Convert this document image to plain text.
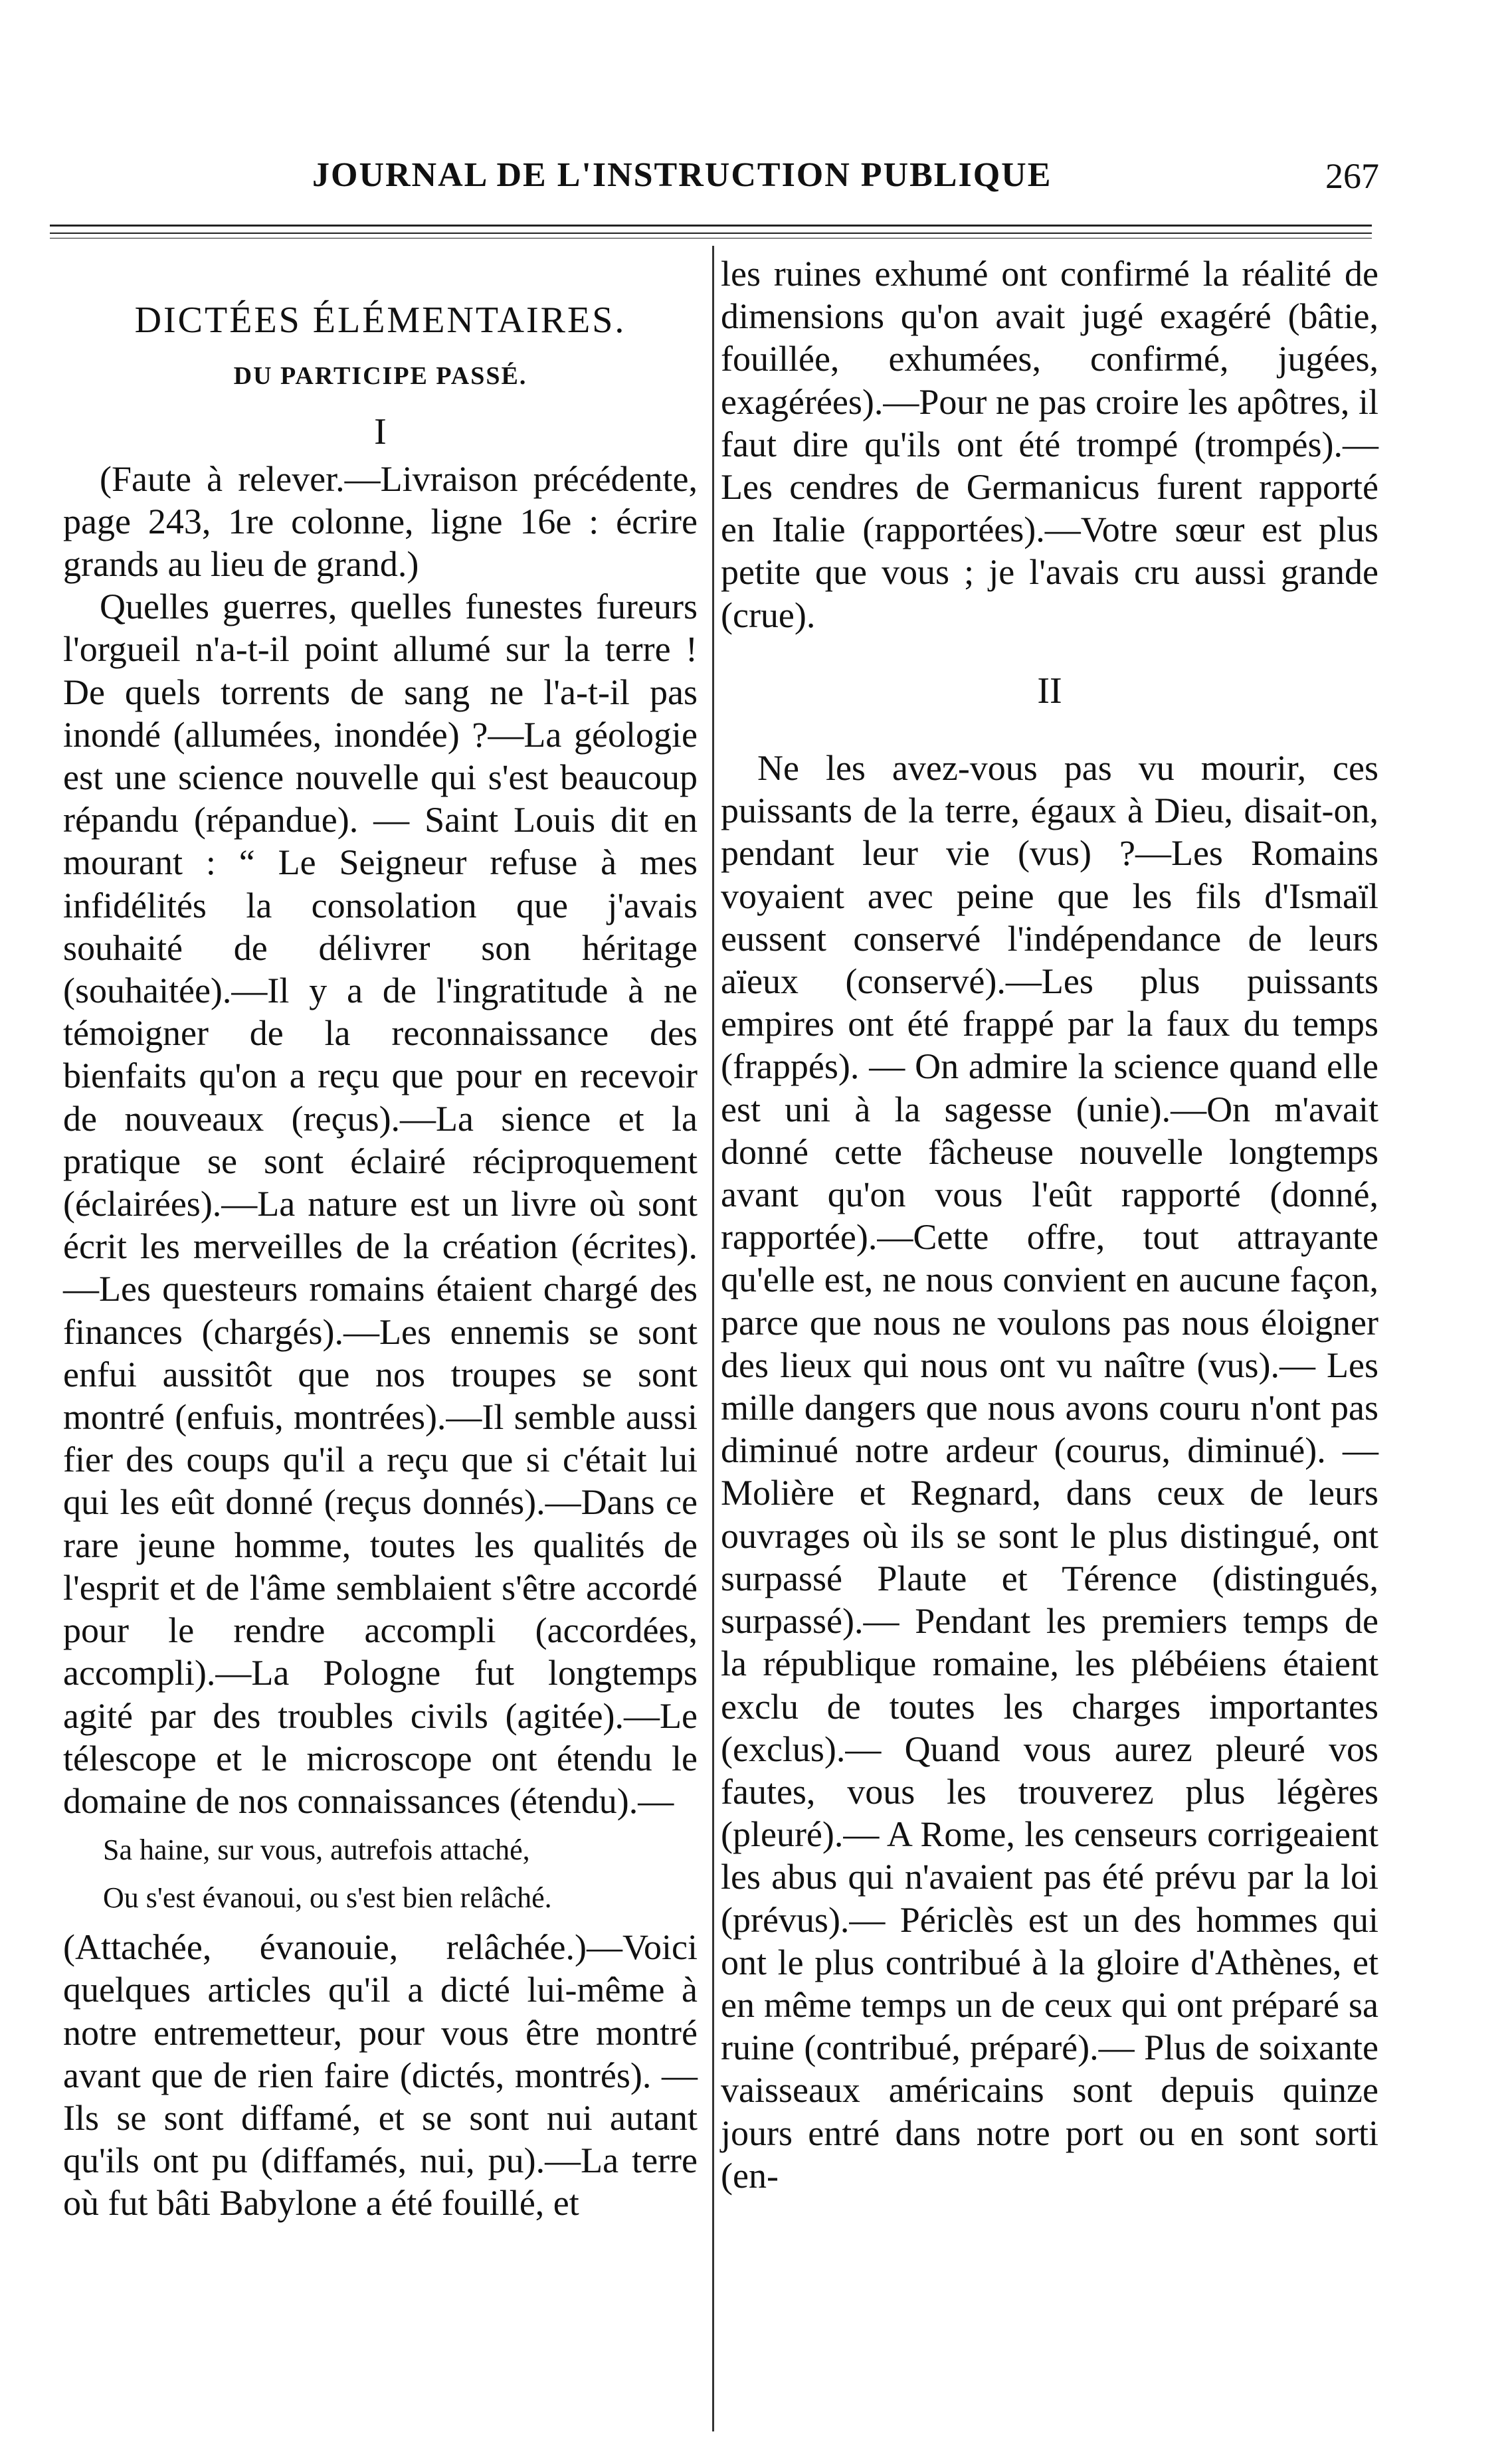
JOURNAL DE L'INSTRUCTION PUBLIQUE	267

DICTÉES ÉLÉMENTAIRES.

DU PARTICIPE PASSÉ.

I

(Faute à relever.—Livraison précédente, page 243, 1re colonne, ligne 16e : écrire grands au lieu de grand.)

Quelles guerres, quelles funestes fureurs l'orgueil n'a-t-il point allumé sur la terre ! De quels torrents de sang ne l'a-t-il pas inondé (allumées, inondée) ?—La géologie est une science nouvelle qui s'est beaucoup répandu (répandue). — Saint Louis dit en mourant : “ Le Seigneur refuse à mes infidélités la consolation que j'avais souhaité de délivrer son héritage (souhaitée).—Il y a de l'ingratitude à ne témoigner de la reconnaissance des bienfaits qu'on a reçu que pour en recevoir de nouveaux (reçus).—La sience et la pratique se sont éclairé réciproquement (éclairées).—La nature est un livre où sont écrit les merveilles de la création (écrites).—Les questeurs romains étaient chargé des finances (chargés).—Les ennemis se sont enfui aussitôt que nos troupes se sont montré (enfuis, montrées).—Il semble aussi fier des coups qu'il a reçu que si c'était lui qui les eût donné (reçus donnés).—Dans ce rare jeune homme, toutes les qualités de l'esprit et de l'âme semblaient s'être accordé pour le rendre accompli (accordées, accompli).—La Pologne fut longtemps agité par des troubles civils (agitée).—Le télescope et le microscope ont étendu le domaine de nos connaissances (étendu).—

Sa haine, sur vous, autrefois attaché,

Ou s'est évanoui, ou s'est bien relâché.

(Attachée, évanouie, relâchée.)—Voici quelques articles qu'il a dicté lui-même à notre entremetteur, pour vous être montré avant que de rien faire (dictés, montrés). —Ils se sont diffamé, et se sont nui autant qu'ils ont pu (diffamés, nui, pu).—La terre où fut bâti Babylone a été fouillé, et

les ruines exhumé ont confirmé la réalité de dimensions qu'on avait jugé exagéré (bâtie, fouillée, exhumées, confirmé, jugées, exagérées).—Pour ne pas croire les apôtres, il faut dire qu'ils ont été trompé (trompés).—Les cendres de Germanicus furent rapporté en Italie (rapportées).—Votre sœur est plus petite que vous ; je l'avais cru aussi grande (crue).

II

Ne les avez-vous pas vu mourir, ces puissants de la terre, égaux à Dieu, disait-on, pendant leur vie (vus) ?—Les Romains voyaient avec peine que les fils d'Ismaïl eussent conservé l'indépendance de leurs aïeux (conservé).—Les plus puissants empires ont été frappé par la faux du temps (frappés). — On admire la science quand elle est uni à la sagesse (unie).—On m'avait donné cette fâcheuse nouvelle longtemps avant qu'on vous l'eût rapporté (donné, rapportée).—Cette offre, tout attrayante qu'elle est, ne nous convient en aucune façon, parce que nous ne voulons pas nous éloigner des lieux qui nous ont vu naître (vus).— Les mille dangers que nous avons couru n'ont pas diminué notre ardeur (courus, diminué). — Molière et Regnard, dans ceux de leurs ouvrages où ils se sont le plus distingué, ont surpassé Plaute et Térence (distingués, surpassé).— Pendant les premiers temps de la république romaine, les plébéiens étaient exclu de toutes les charges importantes (exclus).— Quand vous aurez pleuré vos fautes, vous les trouverez plus légères (pleuré).— A Rome, les censeurs corrigeaient les abus qui n'avaient pas été prévu par la loi (prévus).— Périclès est un des hommes qui ont le plus contribué à la gloire d'Athènes, et en même temps un de ceux qui ont préparé sa ruine (contribué, préparé).— Plus de soixante vaisseaux américains sont depuis quinze jours entré dans notre port ou en sont sorti (en-
